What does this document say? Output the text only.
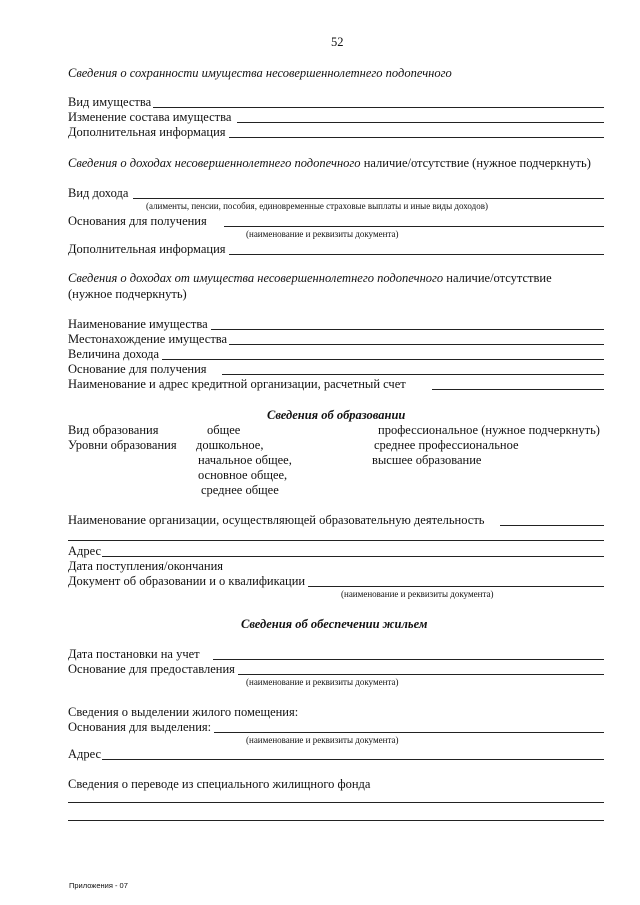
52
Сведения о сохранности имущества несовершеннолетнего подопечного
Вид имущества
Изменение состава имущества
Дополнительная информация
Сведения о доходах несовершеннолетнего подопечного наличие/отсутствие (нужное подчеркнуть)
Вид дохода
(алименты, пенсии, пособия, единовременные страховые выплаты и иные виды доходов)
Основания для получения
(наименование и реквизиты документа)
Дополнительная информация
Сведения о доходах от имущества несовершеннолетнего подопечного наличие/отсутствие
(нужное подчеркнуть)
Наименование имущества
Местонахождение имущества
Величина дохода
Основание для получения
Наименование и адрес кредитной организации, расчетный счет
Сведения об образовании
Вид образования	общее	профессиональное (нужное подчеркнуть)
Уровни образования дошкольное,
начальное общее,
основное общее,
среднее общее
среднее профессиональное
высшее образование
Наименование организации, осуществляющей образовательную деятельность
Адрес
Дата поступления/окончания
Документ об образовании и о квалификации
(наименование и реквизиты документа)
Сведения об обеспечении жильем
Дата постановки на учет
Основание для предоставления
(наименование и реквизиты документа)
Сведения о выделении жилого помещения:
Основания для выделения:
(наименование и реквизиты документа)
Адрес
Сведения о переводе из специального жилищного фонда
Приложения - 07
